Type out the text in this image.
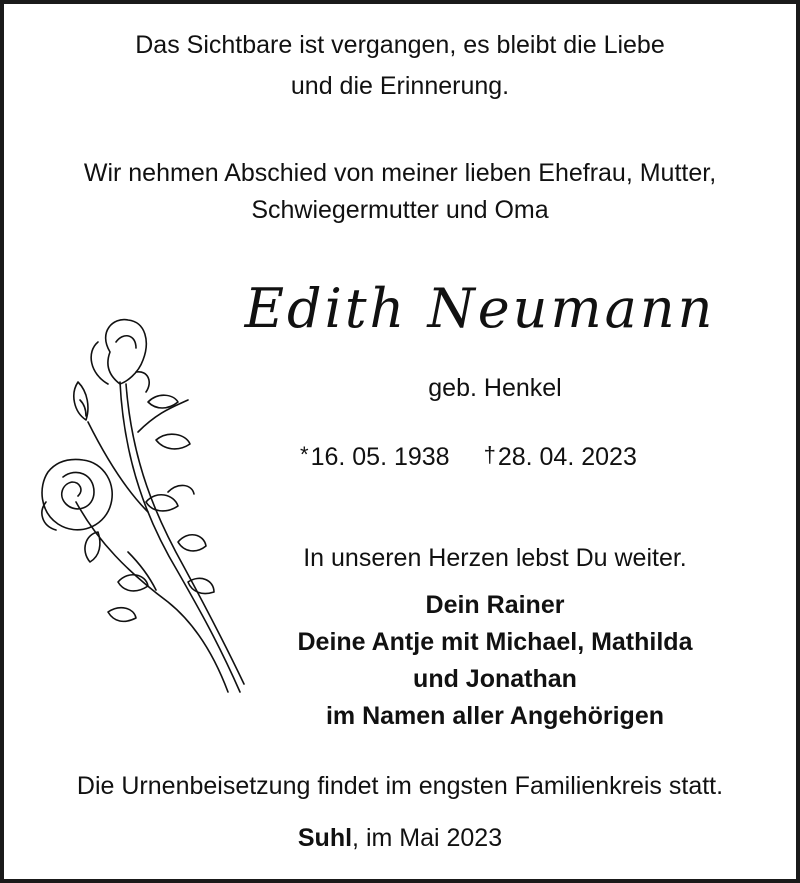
Das Sichtbare ist vergangen, es bleibt die Liebe
und die Erinnerung.
Wir nehmen Abschied von meiner lieben Ehefrau, Mutter,
Schwiegermutter und Oma
Edith Neumann
geb. Henkel
*16. 05. 1938 †28. 04. 2023
In unseren Herzen lebst Du weiter.
Dein Rainer
Deine Antje mit Michael, Mathilda
und Jonathan
im Namen aller Angehörigen
Die Urnenbeisetzung findet im engsten Familienkreis statt.
Suhl, im Mai 2023
